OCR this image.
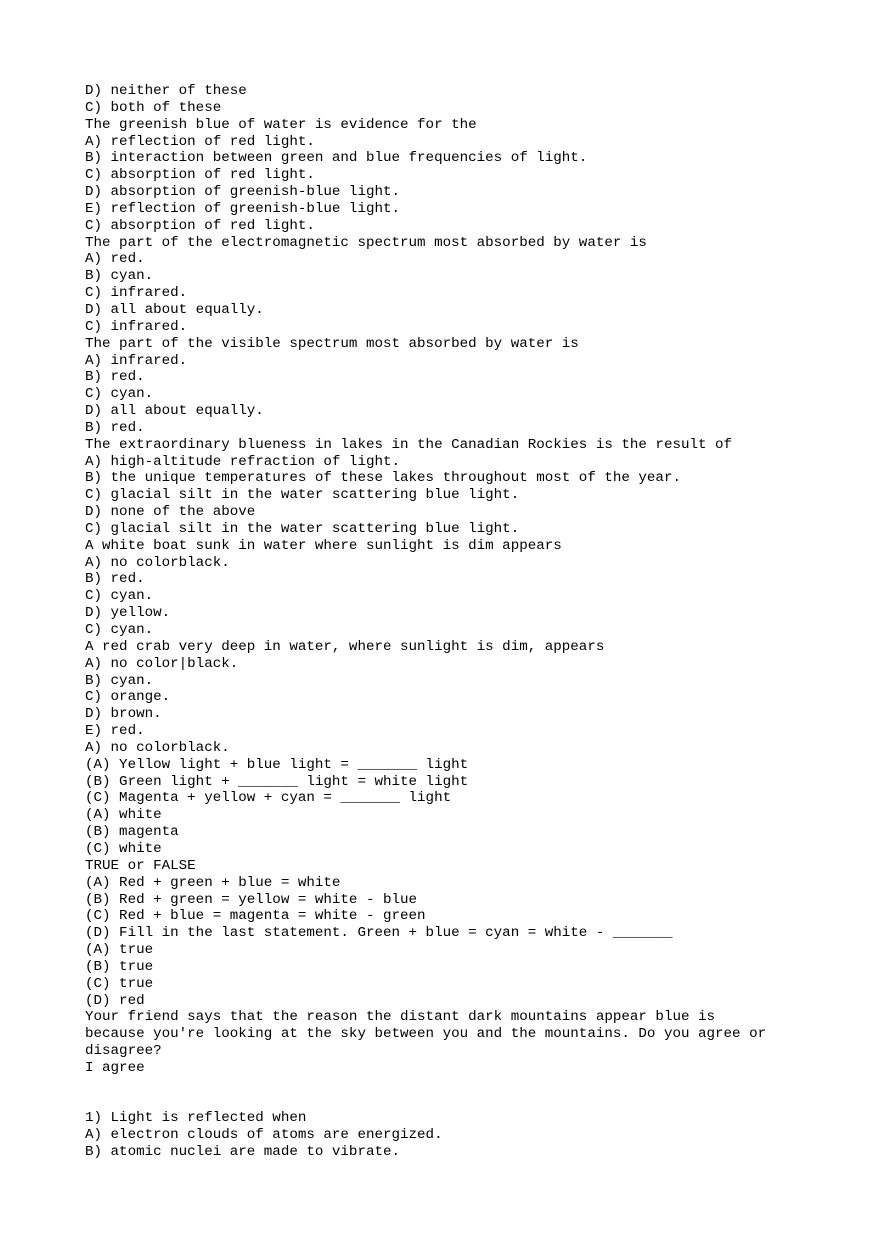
D) neither of these
C) both of these
The greenish blue of water is evidence for the
A) reflection of red light.
B) interaction between green and blue frequencies of light.
C) absorption of red light.
D) absorption of greenish-blue light.
E) reflection of greenish-blue light.
C) absorption of red light.
The part of the electromagnetic spectrum most absorbed by water is
A) red.
B) cyan.
C) infrared.
D) all about equally.
C) infrared.
The part of the visible spectrum most absorbed by water is
A) infrared.
B) red.
C) cyan.
D) all about equally.
B) red.
The extraordinary blueness in lakes in the Canadian Rockies is the result of
A) high-altitude refraction of light.
B) the unique temperatures of these lakes throughout most of the year.
C) glacial silt in the water scattering blue light.
D) none of the above
C) glacial silt in the water scattering blue light.
A white boat sunk in water where sunlight is dim appears
A) no colorblack.
B) red.
C) cyan.
D) yellow.
C) cyan.
A red crab very deep in water, where sunlight is dim, appears
A) no color|black.
B) cyan.
C) orange.
D) brown.
E) red.
A) no colorblack.
(A) Yellow light + blue light = _______ light
(B) Green light + _______ light = white light
(C) Magenta + yellow + cyan = _______ light
(A) white
(B) magenta
(C) white
TRUE or FALSE
(A) Red + green + blue = white
(B) Red + green = yellow = white - blue
(C) Red + blue = magenta = white - green
(D) Fill in the last statement. Green + blue = cyan = white - _______
(A) true
(B) true
(C) true
(D) red
Your friend says that the reason the distant dark mountains appear blue is
because you're looking at the sky between you and the mountains. Do you agree or
disagree?
I agree
1) Light is reflected when
A) electron clouds of atoms are energized.
B) atomic nuclei are made to vibrate.
